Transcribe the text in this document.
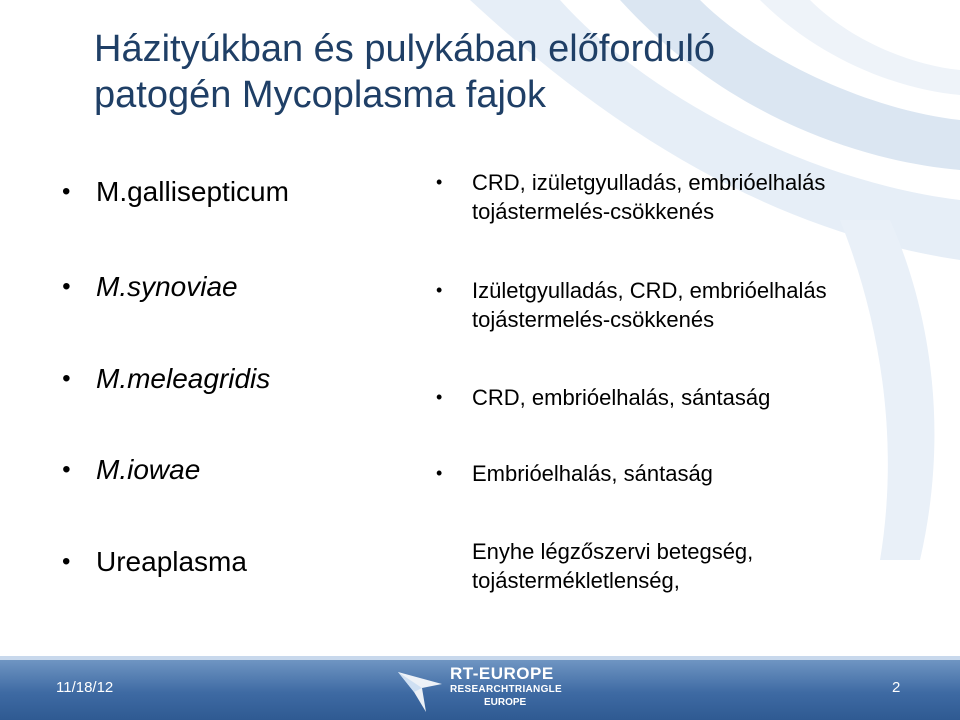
Házityúkban és pulykában előforduló
patogén Mycoplasma fajok
• M.gallisepticum
• M.synoviae
• M.meleagridis
• M.iowae
• Ureaplasma
• CRD, izületgyulladás, embrióelhalás
tojástermelés-csökkenés
• Izületgyulladás, CRD, embrióelhalás
tojástermelés-csökkenés
• CRD, embrióelhalás, sántaság
• Embrióelhalás, sántaság
Enyhe légzőszervi betegség,
tojástermékletlenség,
11/18/12	2
RT-EUROPE
RESEARCHTRIANGLE
EUROPE
